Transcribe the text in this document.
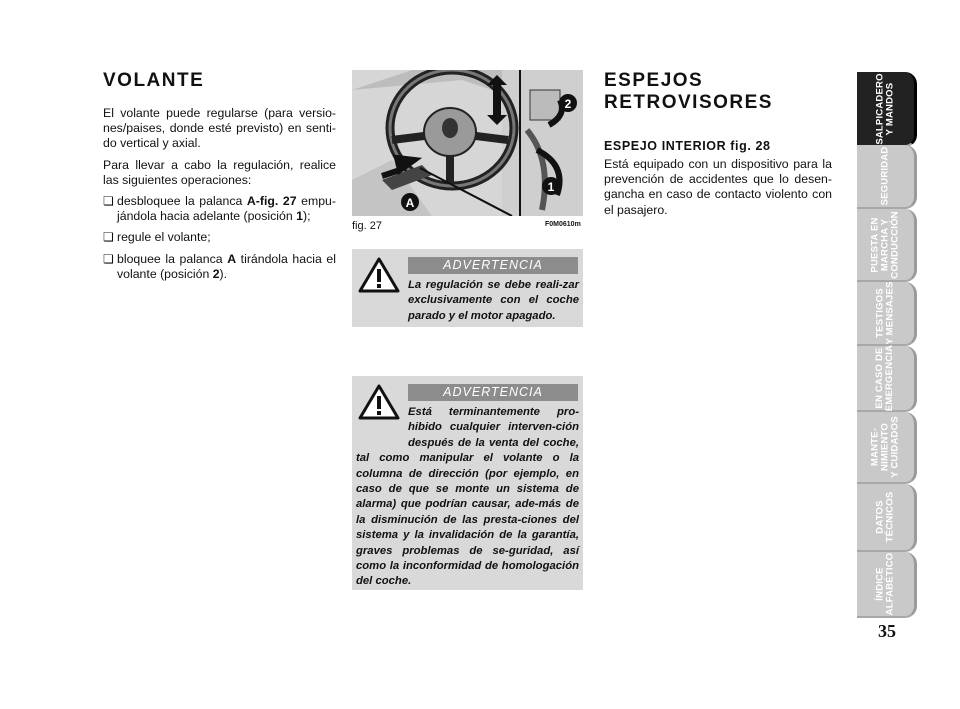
VOLANTE

El volante puede regularse (para versio-nes/paises, donde esté previsto) en senti-do vertical y axial.

Para llevar a cabo la regulación, realice las siguientes operaciones:

❏ desbloquee la palanca A-fig. 27 empu-jándola hacia adelante (posición 1);
❏ regule el volante;
❏ bloquee la palanca A tirándola hacia el volante (posición 2).
1
2
A
fig. 27	F0M0610m
ADVERTENCIA
La regulación se debe reali-zar exclusivamente con el coche parado y el motor apagado.
ADVERTENCIA
Está terminantemente pro-hibido cualquier interven-ción después de la venta del coche, tal como manipular el volante o la columna de dirección (por ejemplo, en caso de que se monte un sistema de alarma) que podrían causar, ade-más de la disminución de las presta-ciones del sistema y la invalidación de la garantía, graves problemas de se-guridad, así como la inconformidad de homologación del coche.
ESPEJOS
RETROVISORES
ESPEJO INTERIOR fig. 28
Está equipado con un dispositivo para la prevención de accidentes que lo desen-gancha en caso de contacto violento con el pasajero.
SALPICADERO
Y MANDOS
SEGURIDAD
PUESTA EN
MARCHA Y
CONDUCCIÓN
TESTIGOS
Y MENSAJES
EN CASO DE
EMERGENCIA
MANTE-
NIMIENTO
Y CUIDADOS
DATOS
TÉCNICOS
ÍNDICE
ALFABÉTICO
35
